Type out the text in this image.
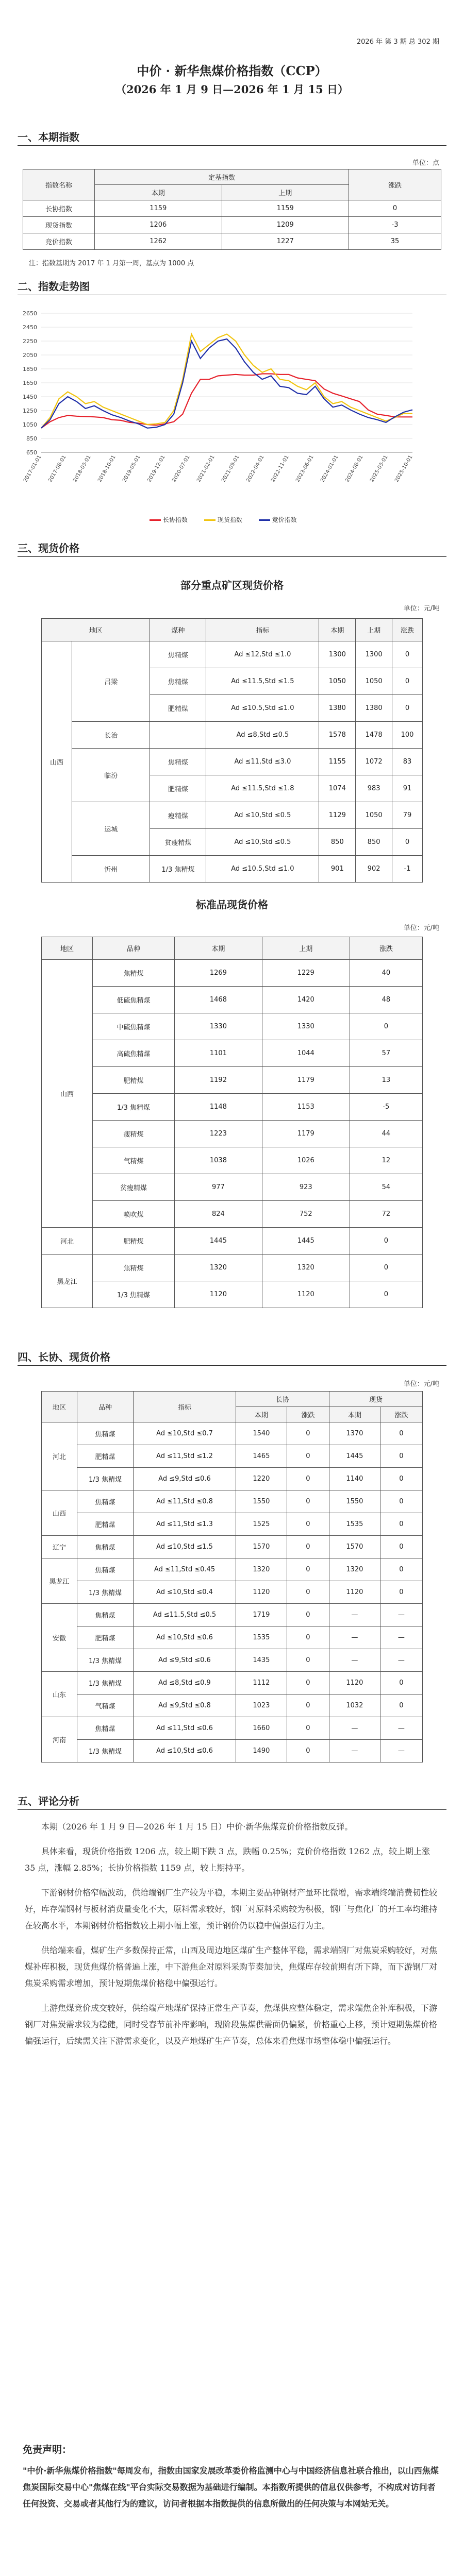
2026 年 第 3 期 总 302 期
中价 · 新华焦煤价格指数（CCP）
（2026 年 1 月 9 日—2026 年 1 月 15 日）
一、本期指数
单位：点
指数名称	定基指数		涨跌
	本期	上期	
长协指数	1159	1159	0
现货指数	1206	1209	-3
竞价指数	1262	1227	35
注：指数基期为 2017 年 1 月第一周，基点为 1000 点
二、指数走势图
2650
2450
2250
2050
1850
1650
1450
1250
1050
850
650
2017-01-01 2017-08-01 2018-03-01 2018-10-01 2019-05-01 2019-12-01 2020-07-01 2021-02-01 2021-09-01 2022-04-01 2022-11-01 2023-06-01 2024-01-01 2024-08-01 2025-03-01 2025-10-01
长协指数	现货指数	竞价指数
三、现货价格
部分重点矿区现货价格
单位：元/吨
地区		煤种	指标	本期	上期	涨跌
山西	吕梁	焦精煤	Ad ≤12,Std ≤1.0	1300	1300	0
		焦精煤	Ad ≤11.5,Std ≤1.5	1050	1050	0
		肥精煤	Ad ≤10.5,Std ≤1.0	1380	1380	0
	长治		Ad ≤8,Std ≤0.5	1578	1478	100
	临汾	焦精煤	Ad ≤11,Std ≤3.0	1155	1072	83
		肥精煤	Ad ≤11.5,Std ≤1.8	1074	983	91
	运城	瘦精煤	Ad ≤10,Std ≤0.5	1129	1050	79
		贫瘦精煤	Ad ≤10,Std ≤0.5	850	850	0
	忻州	1/3 焦精煤	Ad ≤10.5,Std ≤1.0	901	902	-1
标准品现货价格
单位：元/吨
地区	品种	本期	上期	涨跌
山西	焦精煤	1269	1229	40
	低硫焦精煤	1468	1420	48
	中硫焦精煤	1330	1330	0
	高硫焦精煤	1101	1044	57
	肥精煤	1192	1179	13
	1/3 焦精煤	1148	1153	-5
	瘦精煤	1223	1179	44
	气精煤	1038	1026	12
	贫瘦精煤	977	923	54
	喷吹煤	824	752	72
河北	肥精煤	1445	1445	0
黑龙江	焦精煤	1320	1320	0
	1/3 焦精煤	1120	1120	0
四、长协、现货价格
单位：元/吨
地区	品种	指标	长协		现货	
			本期	涨跌	本期	涨跌
河北	焦精煤	Ad ≤10,Std ≤0.7	1540	0	1370	0
	肥精煤	Ad ≤11,Std ≤1.2	1465	0	1445	0
	1/3 焦精煤	Ad ≤9,Std ≤0.6	1220	0	1140	0
山西	焦精煤	Ad ≤11,Std ≤0.8	1550	0	1550	0
	肥精煤	Ad ≤11,Std ≤1.3	1525	0	1535	0
辽宁	焦精煤	Ad ≤10,Std ≤1.5	1570	0	1570	0
黑龙江	焦精煤	Ad ≤11,Std ≤0.45	1320	0	1320	0
	1/3 焦精煤	Ad ≤10,Std ≤0.4	1120	0	1120	0
安徽	焦精煤	Ad ≤11.5,Std ≤0.5	1719	0	—	—
	肥精煤	Ad ≤10,Std ≤0.6	1535	0	—	—
	1/3 焦精煤	Ad ≤9,Std ≤0.6	1435	0	—	—
山东	1/3 焦精煤	Ad ≤8,Std ≤0.9	1112	0	1120	0
	气精煤	Ad ≤9,Std ≤0.8	1023	0	1032	0
河南	焦精煤	Ad ≤11,Std ≤0.6	1660	0	—	—
	1/3 焦精煤	Ad ≤10,Std ≤0.6	1490	0	—	—
五、评论分析

本期（2026 年 1 月 9 日—2026 年 1 月 15 日）中价·新华焦煤竞价价格指数反弹。

具体来看，现货价格指数 1206 点，较上期下跌 3 点，跌幅 0.25%；竞价价格指数 1262 点，较上期上涨 35 点，涨幅 2.85%；长协价格指数 1159 点，较上期持平。

下游钢材价格窄幅波动，供给端钢厂生产较为平稳，本期主要品种钢材产量环比微增，需求端终端消费韧性较好，库存端钢材与板材消费量变化不大，原料需求较好，钢厂对原料采购较为积极，钢厂与焦化厂的开工率均维持在较高水平，本期钢材价格指数较上期小幅上涨，预计钢价仍以稳中偏强运行为主。

供给端来看，煤矿生产多数保持正常，山西及周边地区煤矿生产整体平稳，需求端钢厂对焦炭采购较好，对焦煤补库积极，现货焦煤价格普遍上涨，中下游焦企对原料采购节奏加快，焦煤库存较前期有所下降，而下游钢厂对焦炭采购需求增加，预计短期焦煤价格稳中偏强运行。

上游焦煤竞价成交较好，供给端产地煤矿保持正常生产节奏，焦煤供应整体稳定，需求端焦企补库积极，下游钢厂对焦炭需求较为稳健，同时受春节前补库影响，现阶段焦煤供需面仍偏紧，价格重心上移，预计短期焦煤价格偏强运行，后续需关注下游需求变化，以及产地煤矿生产节奏，总体来看焦煤市场整体稳中偏强运行。

免责声明：
"中价·新华焦煤价格指数"每周发布，指数由国家发展改革委价格监测中心与中国经济信息社联合推出，以山西焦煤焦炭国际交易中心"焦煤在线"平台实际交易数据为基础进行编制。本指数所提供的信息仅供参考，不构成对访问者任何投资、交易或者其他行为的建议，访问者根据本指数提供的信息所做出的任何决策与本网站无关。
